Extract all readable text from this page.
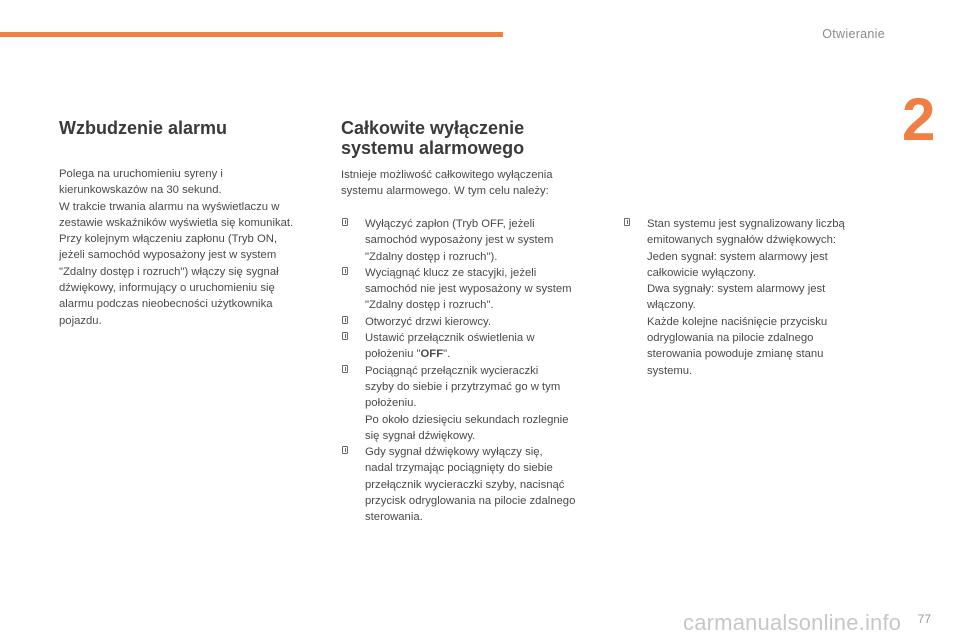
Otwieranie
2
Wzbudzenie alarmu

Polega na uruchomieniu syreny i
kierunkowskazów na 30 sekund.
W trakcie trwania alarmu na wyświetlaczu w
zestawie wskaźników wyświetla się komunikat.
Przy kolejnym włączeniu zapłonu (Tryb ON,
jeżeli samochód wyposażony jest w system
"Zdalny dostęp i rozruch") włączy się sygnał
dźwiękowy, informujący o uruchomieniu się
alarmu podczas nieobecności użytkownika
pojazdu.

Całkowite wyłączenie
systemu alarmowego

Istnieje możliwość całkowitego wyłączenia
systemu alarmowego. W tym celu należy:

Wyłączyć zapłon (Tryb OFF, jeżeli
samochód wyposażony jest w system
"Zdalny dostęp i rozruch").
Wyciągnąć klucz ze stacyjki, jeżeli
samochód nie jest wyposażony w system
"Zdalny dostęp i rozruch".
Otworzyć drzwi kierowcy.
Ustawić przełącznik oświetlenia w
położeniu "OFF".
Pociągnąć przełącznik wycieraczki
szyby do siebie i przytrzymać go w tym
położeniu.
Po około dziesięciu sekundach rozlegnie
się sygnał dźwiękowy.
Gdy sygnał dźwiękowy wyłączy się,
nadal trzymając pociągnięty do siebie
przełącznik wycieraczki szyby, nacisnąć
przycisk odryglowania na pilocie zdalnego
sterowania.
Stan systemu jest sygnalizowany liczbą
emitowanych sygnałów dźwiękowych:
Jeden sygnał: system alarmowy jest
całkowicie wyłączony.
Dwa sygnały: system alarmowy jest
włączony.
Każde kolejne naciśnięcie przycisku
odryglowania na pilocie zdalnego
sterowania powoduje zmianę stanu
systemu.
carmanualsonline.info 77
